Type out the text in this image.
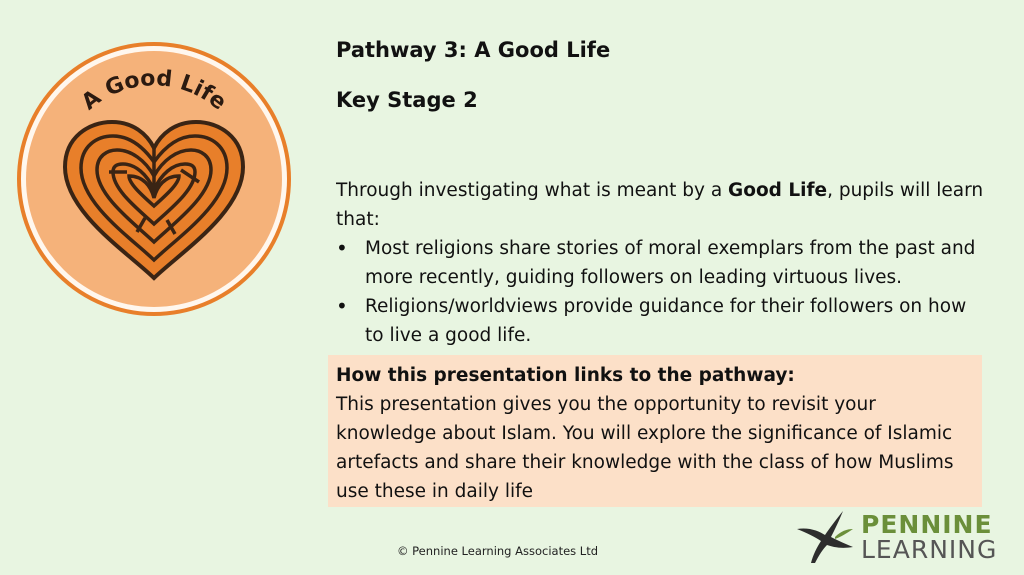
A Good Life
Pathway 3: A Good Life
Key Stage 2

Through investigating what is meant by a Good Life, pupils will learn that:

• Most religions share stories of moral exemplars from the past and more recently, guiding followers on leading virtuous lives.
• Religions/worldviews provide guidance for their followers on how to live a good life.
•
How this presentation links to the pathway:
This presentation gives you the opportunity to revisit your knowledge about Islam. You will explore the significance of Islamic artefacts and share their knowledge with the class of how Muslims use these in daily life
© Pennine Learning Associates Ltd
PENNINE
LEARNING
